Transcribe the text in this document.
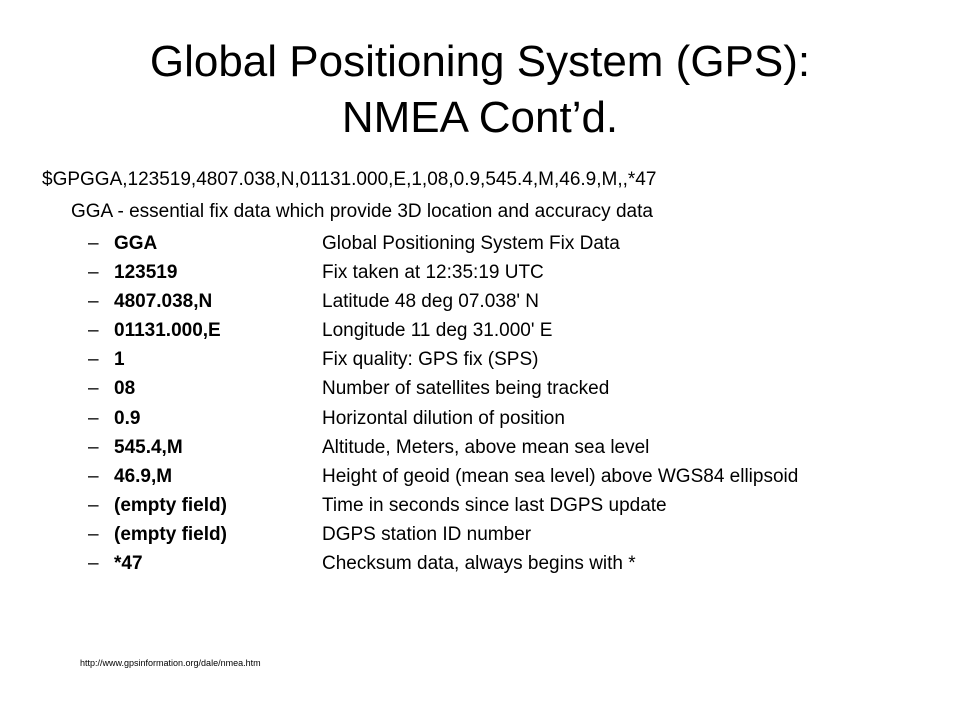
Global Positioning System (GPS):
NMEA Cont’d.
$GPGGA,123519,4807.038,N,01131.000,E,1,08,0.9,545.4,M,46.9,M,,*47
GGA - essential fix data which provide 3D location and accuracy data
– GGA	Global Positioning System Fix Data
– 123519	Fix taken at 12:35:19 UTC
– 4807.038,N	Latitude 48 deg 07.038' N
– 01131.000,E	Longitude 11 deg 31.000' E
– 1	Fix quality: GPS fix (SPS)
– 08	Number of satellites being tracked
– 0.9	Horizontal dilution of position
– 545.4,M	Altitude, Meters, above mean sea level
– 46.9,M	Height of geoid (mean sea level) above WGS84 ellipsoid
– (empty field)	Time in seconds since last DGPS update
– (empty field)	DGPS station ID number
– *47	Checksum data, always begins with *
http://www.gpsinformation.org/dale/nmea.htm
